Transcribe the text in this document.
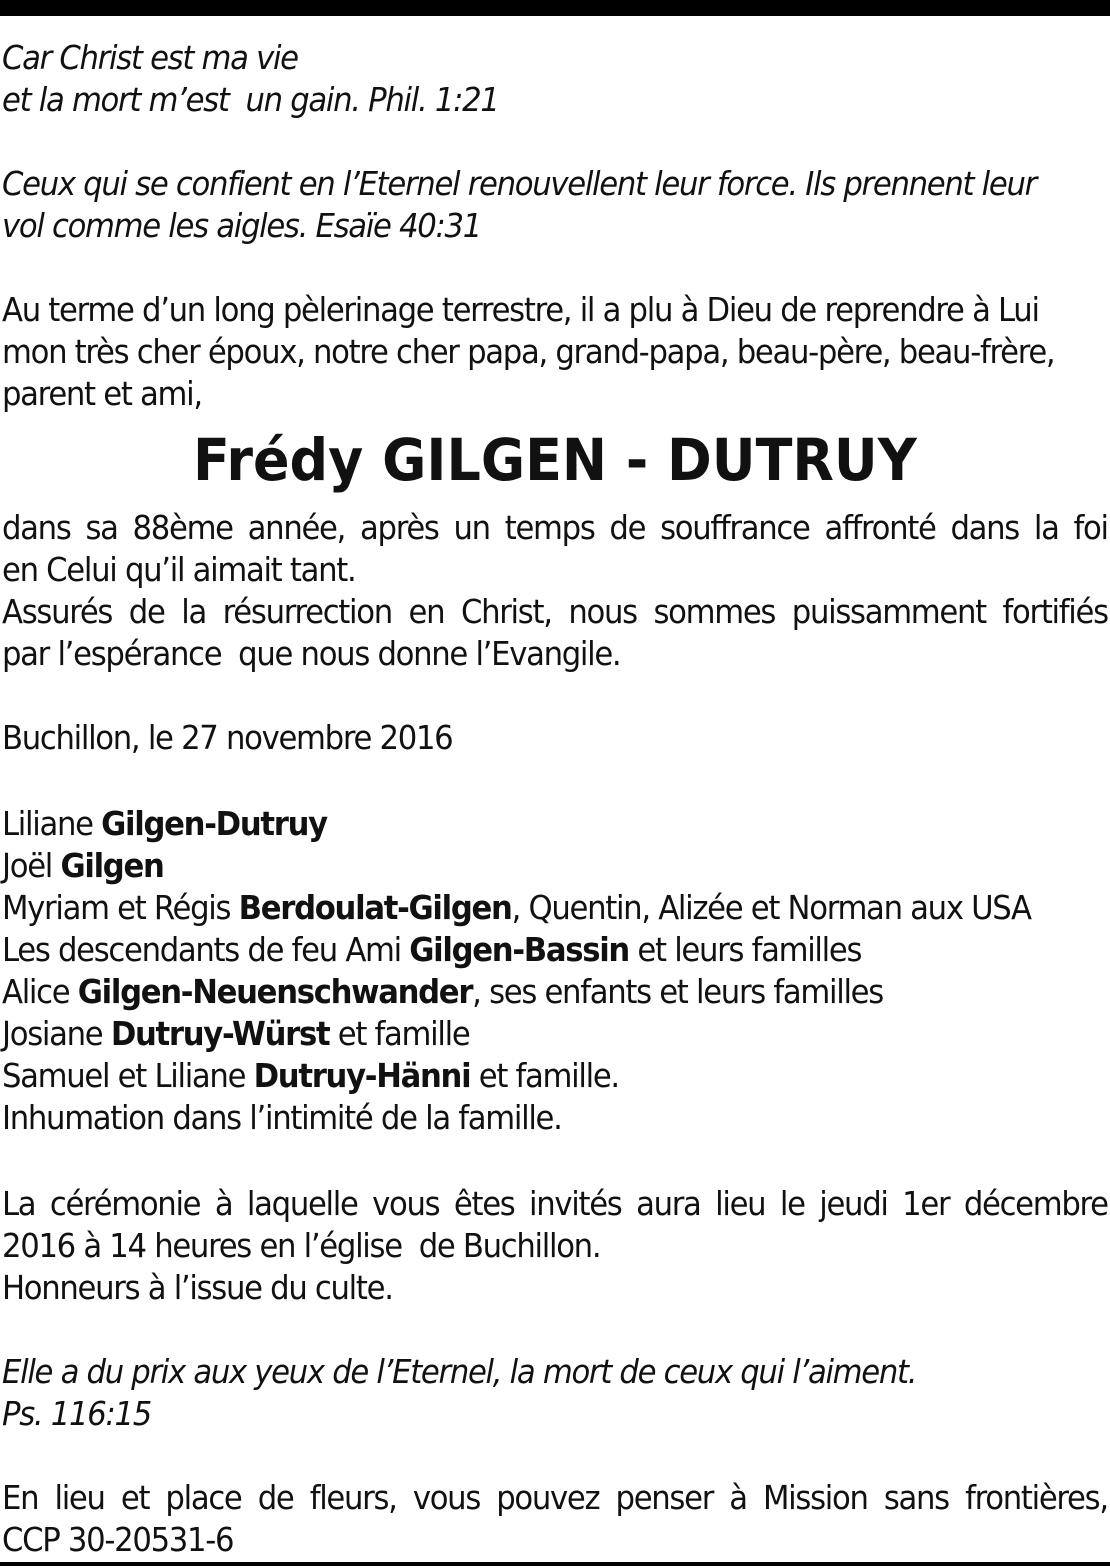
Car Christ est ma vie
et la mort m’est  un gain. Phil. 1:21
Ceux qui se confient en l’Eternel renouvellent leur force. Ils prennent leur
vol comme les aigles. Esaïe 40:31
Au terme d’un long pèlerinage terrestre, il a plu à Dieu de reprendre à Lui
mon très cher époux, notre cher papa, grand-papa, beau-père, beau-frère,
parent et ami,
Frédy GILGEN - DUTRUY
dans sa 88ème année, après un temps de souffrance affronté dans la foi
en Celui qu’il aimait tant.
Assurés de la résurrection en Christ, nous sommes puissamment fortifiés
par l’espérance  que nous donne l’Evangile.
Buchillon, le 27 novembre 2016
Liliane Gilgen-Dutruy
Joël Gilgen
Myriam et Régis Berdoulat-Gilgen, Quentin, Alizée et Norman aux USA
Les descendants de feu Ami Gilgen-Bassin et leurs familles
Alice Gilgen-Neuenschwander, ses enfants et leurs familles
Josiane Dutruy-Würst et famille
Samuel et Liliane Dutruy-Hänni et famille.
Inhumation dans l’intimité de la famille.
La cérémonie à laquelle vous êtes invités aura lieu le jeudi 1er décembre
2016 à 14 heures en l’église  de Buchillon.
Honneurs à l’issue du culte.
Elle a du prix aux yeux de l’Eternel, la mort de ceux qui l’aiment.
Ps. 116:15
En lieu et place de fleurs, vous pouvez penser à Mission sans frontières,
CCP 30-20531-6
